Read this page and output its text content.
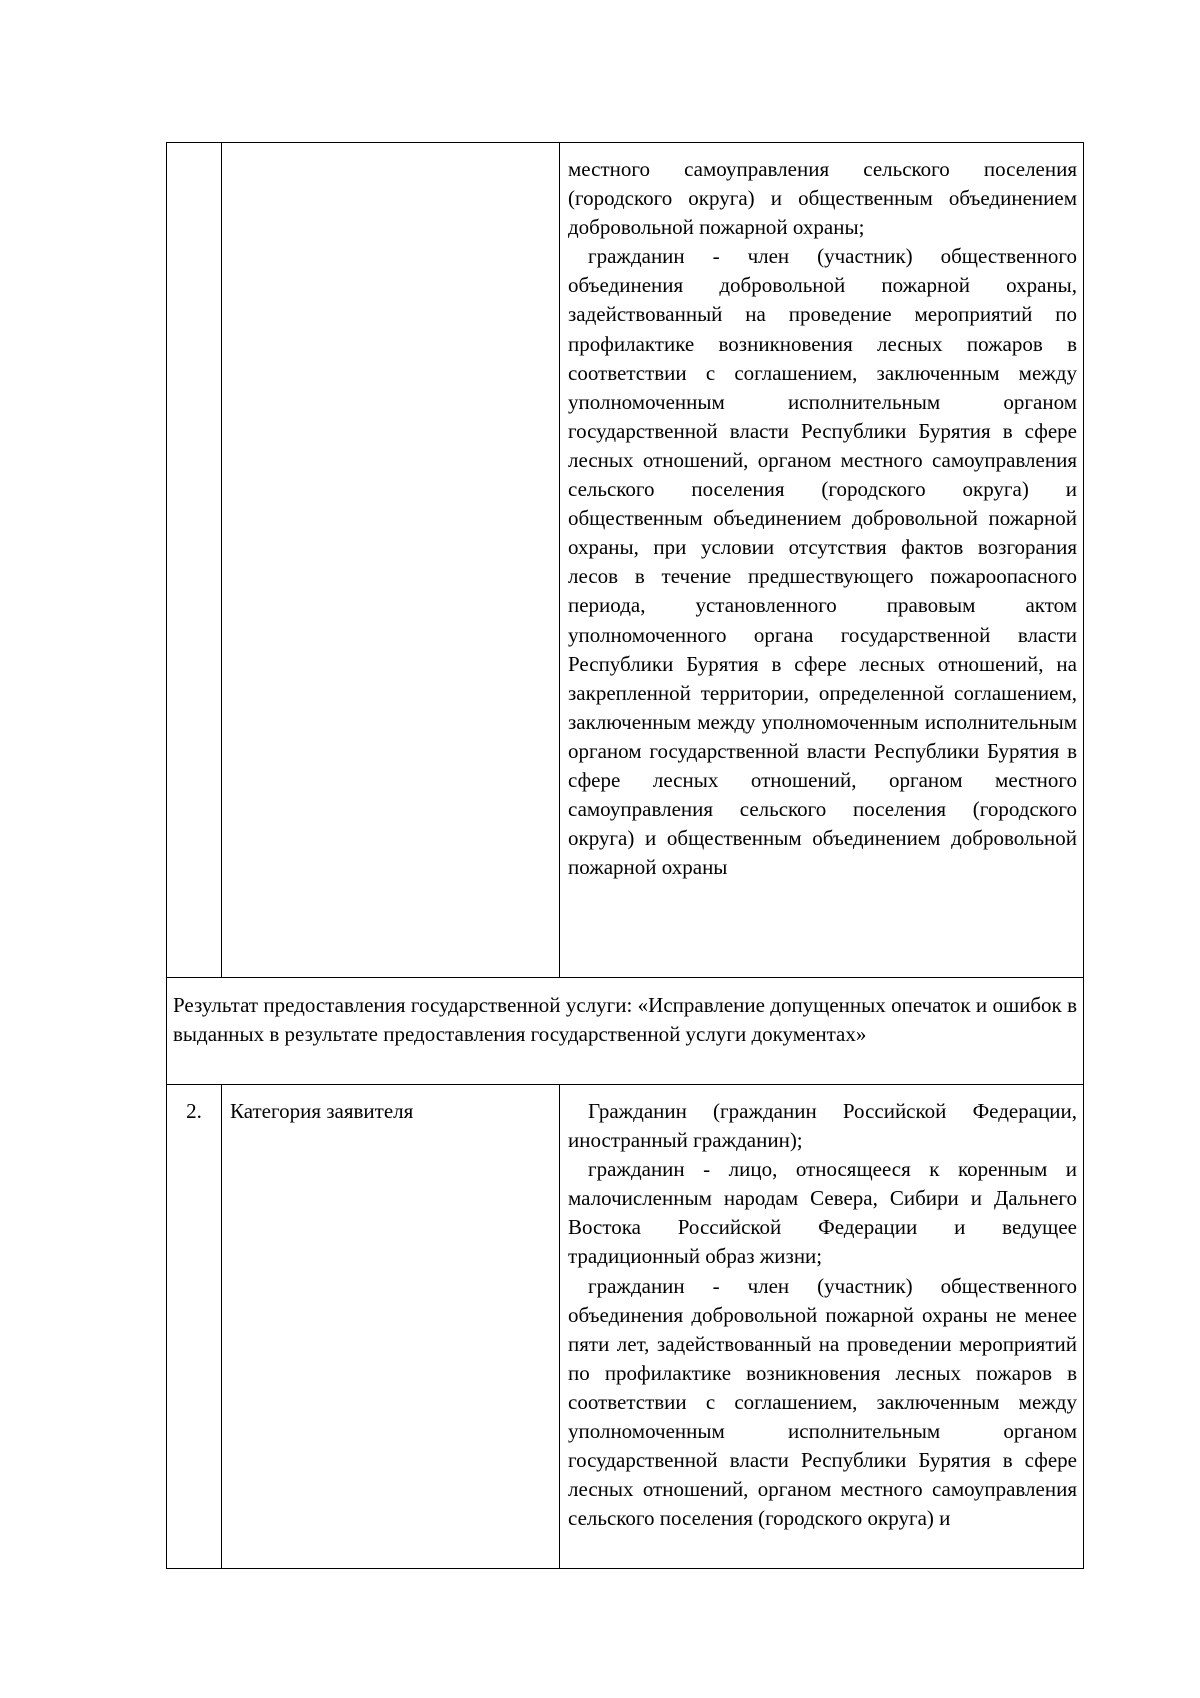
		местного самоуправления сельского поселения (городского округа) и общественным объединением добровольной пожарной охраны;

гражданин - член (участник) общественного объединения добровольной пожарной охраны, задействованный на проведение мероприятий по профилактике возникновения лесных пожаров в соответствии с соглашением, заключенным между уполномоченным исполнительным органом государственной власти Республики Бурятия в сфере лесных отношений, органом местного самоуправления сельского поселения (городского округа) и общественным объединением добровольной пожарной охраны, при условии отсутствия фактов возгорания лесов в течение предшествующего пожароопасного периода, установленного правовым актом уполномоченного органа государственной власти Республики Бурятия в сфере лесных отношений, на закрепленной территории, определенной соглашением, заключенным между уполномоченным исполнительным органом государственной власти Республики Бурятия в сфере лесных отношений, органом местного самоуправления сельского поселения (городского округа) и общественным объединением добровольной пожарной охраны

Результат предоставления государственной услуги: «Исправление допущенных опечаток и ошибок в выданных в результате предоставления государственной услуги документах»		

2.	Категория заявителя	Гражданин (гражданин Российской Федерации, иностранный гражданин);

гражданин - лицо, относящееся к коренным и малочисленным народам Севера, Сибири и Дальнего Востока Российской Федерации и ведущее традиционный образ жизни;

гражданин - член (участник) общественного объединения добровольной пожарной охраны не менее пяти лет, задействованный на проведении мероприятий по профилактике возникновения лесных пожаров в соответствии с соглашением, заключенным между уполномоченным исполнительным органом государственной власти Республики Бурятия в сфере лесных отношений, органом местного самоуправления сельского поселения (городского округа) и
